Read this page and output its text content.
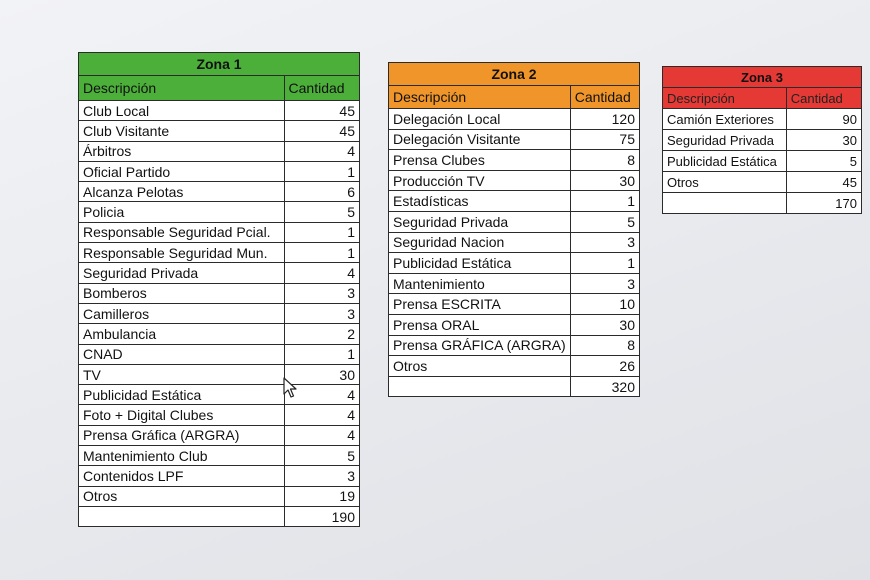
Zona 1	
Descripción	Cantidad
Club Local	45
Club Visitante	45
Árbitros	4
Oficial Partido	1
Alcanza Pelotas	6
Policia	5
Responsable Seguridad Pcial.	1
Responsable Seguridad Mun.	1
Seguridad Privada	4
Bomberos	3
Camilleros	3
Ambulancia	2
CNAD	1
TV	30
Publicidad Estática	4
Foto + Digital Clubes	4
Prensa Gráfica (ARGRA)	4
Mantenimiento Club	5
Contenidos LPF	3
Otros	19
	190
Zona 2	
Descripción	Cantidad
Delegación Local	120
Delegación Visitante	75
Prensa Clubes	8
Producción TV	30
Estadísticas	1
Seguridad Privada	5
Seguridad Nacion	3
Publicidad Estática	1
Mantenimiento	3
Prensa ESCRITA	10
Prensa ORAL	30
Prensa GRÁFICA (ARGRA)	8
Otros	26
	320
Zona 3	
Descripción	Cantidad
Camión Exteriores	90
Seguridad Privada	30
Publicidad Estática	5
Otros	45
	170
